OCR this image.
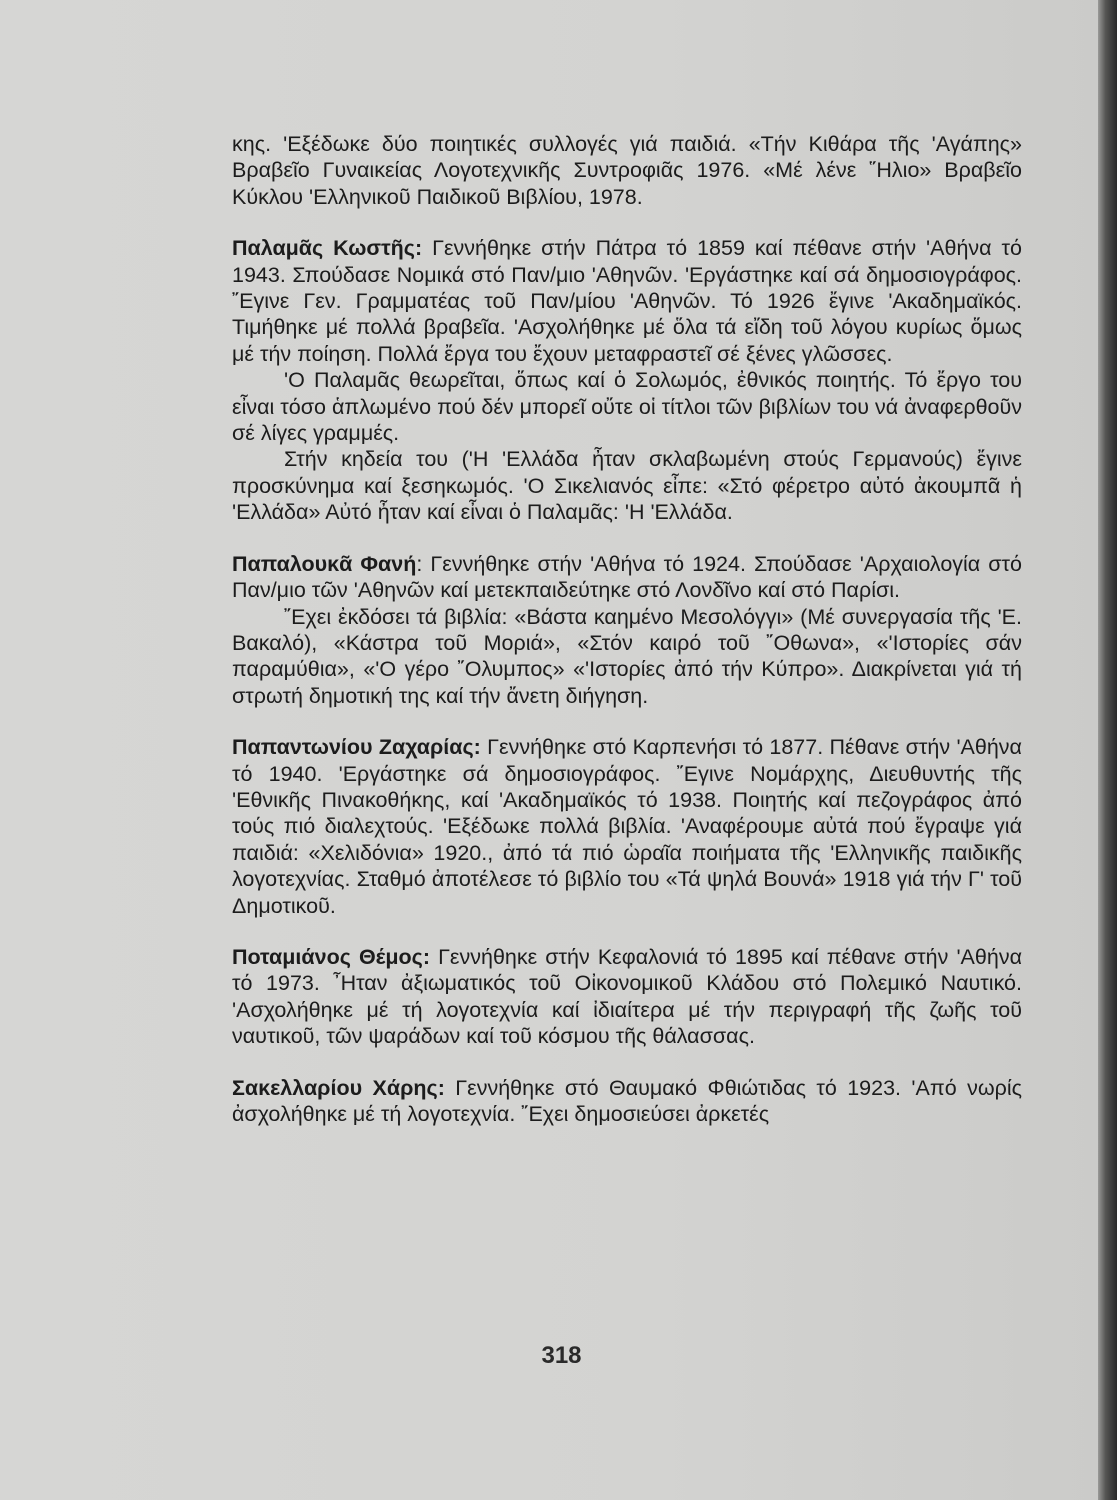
κης. 'Εξέδωκε δύο ποιητικές συλλογές γιά παιδιά. «Τήν Κιθάρα τῆς 'Αγάπης» Βραβεῖο Γυναικείας Λογοτεχνικῆς Συντροφιᾶς 1976. «Μέ λένε ῞Ηλιο» Βραβεῖο Κύκλου 'Ελληνικοῦ Παιδικοῦ Βιβλίου, 1978.

Παλαμᾶς Κωστῆς: Γεννήθηκε στήν Πάτρα τό 1859 καί πέθανε στήν 'Αθήνα τό 1943. Σπούδασε Νομικά στό Παν/μιο 'Αθηνῶν. 'Εργάστηκε καί σά δημοσιογράφος. ῎Εγινε Γεν. Γραμματέας τοῦ Παν/μίου 'Αθηνῶν. Τό 1926 ἔγινε 'Ακαδημαϊκός. Τιμήθηκε μέ πολλά βραβεῖα. 'Ασχολήθηκε μέ ὅλα τά εἴδη τοῦ λόγου κυρίως ὅμως μέ τήν ποίηση. Πολλά ἔργα του ἔχουν μεταφραστεῖ σέ ξένες γλῶσσες.

'Ο Παλαμᾶς θεωρεῖται, ὅπως καί ὁ Σολωμός, ἐθνικός ποιητής. Τό ἔργο του εἶναι τόσο ἁπλωμένο πού δέν μπορεῖ οὔτε οἱ τίτλοι τῶν βιβλίων του νά ἀναφερθοῦν σέ λίγες γραμμές.

Στήν κηδεία του ('Η 'Ελλάδα ἦταν σκλαβωμένη στούς Γερμανούς) ἔγινε προσκύνημα καί ξεσηκωμός. 'Ο Σικελιανός εἶπε: «Στό φέρετρο αὐτό ἀκουμπᾶ ἡ 'Ελλάδα» Αὐτό ἦταν καί εἶναι ὁ Παλαμᾶς: 'Η 'Ελλάδα.

Παπαλουκᾶ Φανή: Γεννήθηκε στήν 'Αθήνα τό 1924. Σπούδασε 'Αρχαιολογία στό Παν/μιο τῶν 'Αθηνῶν καί μετεκπαιδεύτηκε στό Λονδῖνο καί στό Παρίσι.

῎Εχει ἐκδόσει τά βιβλία: «Βάστα καημένο Μεσολόγγι» (Μέ συνεργασία τῆς 'Ε. Βακαλό), «Κάστρα τοῦ Μοριά», «Στόν καιρό τοῦ ῎Οθωνα», «'Ιστορίες σάν παραμύθια», «'Ο γέρο ῎Ολυμπος» «'Ιστορίες ἀπό τήν Κύπρο». Διακρίνεται γιά τή στρωτή δημοτική της καί τήν ἄνετη διήγηση.

Παπαντωνίου Ζαχαρίας: Γεννήθηκε στό Καρπενήσι τό 1877. Πέθανε στήν 'Αθήνα τό 1940. 'Εργάστηκε σά δημοσιογράφος. ῎Εγινε Νομάρχης, Διευθυντής τῆς 'Εθνικῆς Πινακοθήκης, καί 'Ακαδημαϊκός τό 1938. Ποιητής καί πεζογράφος ἀπό τούς πιό διαλεχτούς. 'Εξέδωκε πολλά βιβλία. 'Αναφέρουμε αὐτά πού ἔγραψε γιά παιδιά: «Χελιδόνια» 1920., ἀπό τά πιό ὡραῖα ποιήματα τῆς 'Ελληνικῆς παιδικῆς λογοτεχνίας. Σταθμό ἀποτέλεσε τό βιβλίο του «Τά ψηλά Βουνά» 1918 γιά τήν Γ' τοῦ Δημοτικοῦ.

Ποταμιάνος Θέμος: Γεννήθηκε στήν Κεφαλονιά τό 1895 καί πέθανε στήν 'Αθήνα τό 1973. ῏Ηταν ἀξιωματικός τοῦ Οἰκονομικοῦ Κλάδου στό Πολεμικό Ναυτικό. 'Ασχολήθηκε μέ τή λογοτεχνία καί ἰδιαίτερα μέ τήν περιγραφή τῆς ζωῆς τοῦ ναυτικοῦ, τῶν ψαράδων καί τοῦ κόσμου τῆς θάλασσας.

Σακελλαρίου Χάρης: Γεννήθηκε στό Θαυμακό Φθιώτιδας τό 1923. 'Από νωρίς ἀσχολήθηκε μέ τή λογοτεχνία. ῎Εχει δημοσιεύσει ἀρκετές

318
